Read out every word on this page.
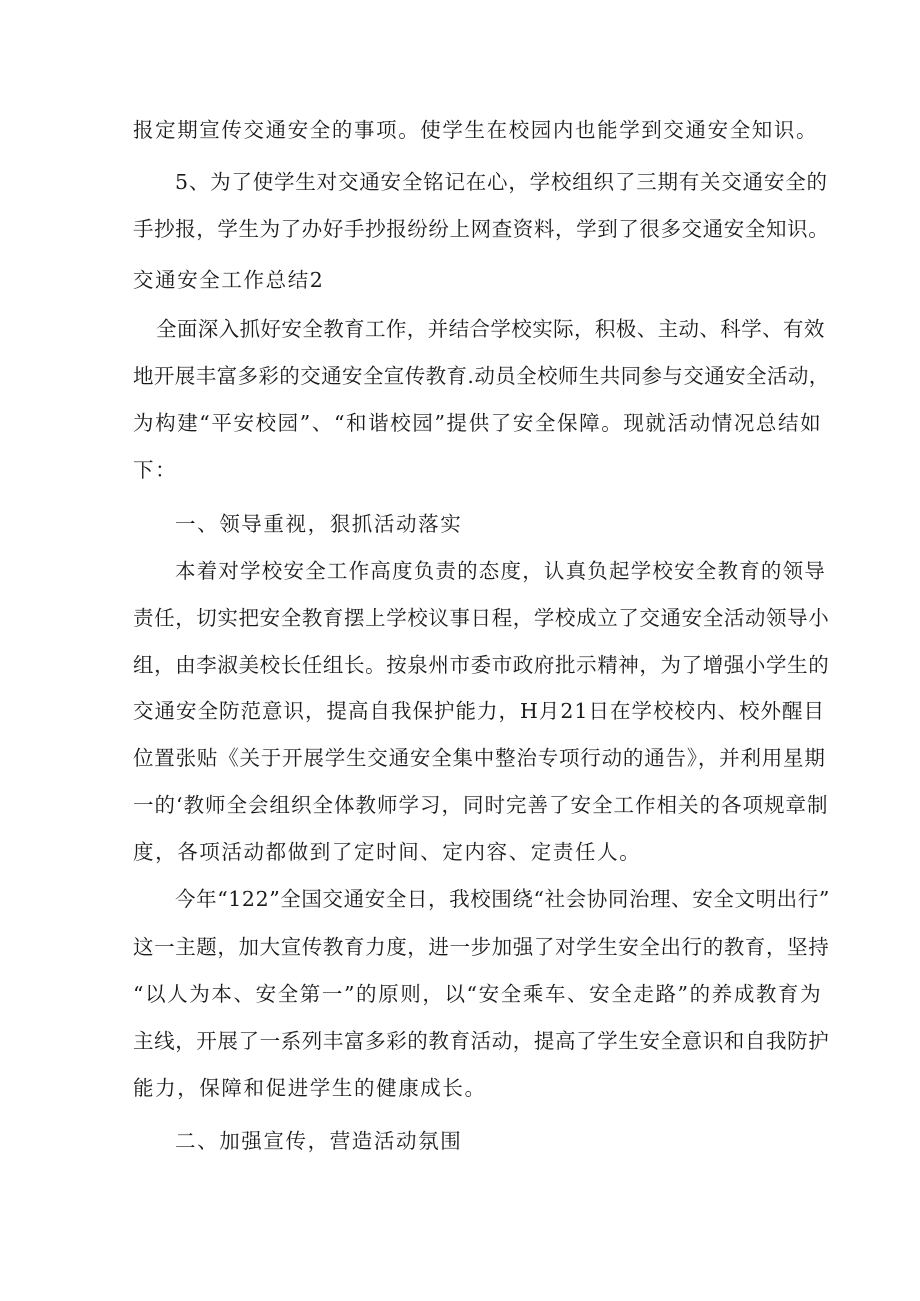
报定期宣传交通安全的事项。使学生在校园内也能学到交通安全知识。
5、为了使学生对交通安全铭记在心，学校组织了三期有关交通安全的
手抄报，学生为了办好手抄报纷纷上网查资料，学到了很多交通安全知识。
交通安全工作总结2
全面深入抓好安全教育工作，并结合学校实际，积极、主动、科学、有效
地开展丰富多彩的交通安全宣传教育.动员全校师生共同参与交通安全活动，
为构建“平安校园”、“和谐校园”提供了安全保障。现就活动情况总结如
下：
一、领导重视，狠抓活动落实
本着对学校安全工作高度负责的态度，认真负起学校安全教育的领导
责任，切实把安全教育摆上学校议事日程，学校成立了交通安全活动领导小
组，由李淑美校长任组长。按泉州市委市政府批示精神，为了增强小学生的
交通安全防范意识，提高自我保护能力，H月21日在学校校内、校外醒目
位置张贴《关于开展学生交通安全集中整治专项行动的通告》，并利用星期
一的‘教师全会组织全体教师学习，同时完善了安全工作相关的各项规章制
度，各项活动都做到了定时间、定内容、定责任人。
今年“122”全国交通安全日，我校围绕“社会协同治理、安全文明出行”
这一主题，加大宣传教育力度，进一步加强了对学生安全出行的教育，坚持
“以人为本、安全第一”的原则，以“安全乘车、安全走路”的养成教育为
主线，开展了一系列丰富多彩的教育活动，提高了学生安全意识和自我防护
能力，保障和促进学生的健康成长。
二、加强宣传，营造活动氛围
